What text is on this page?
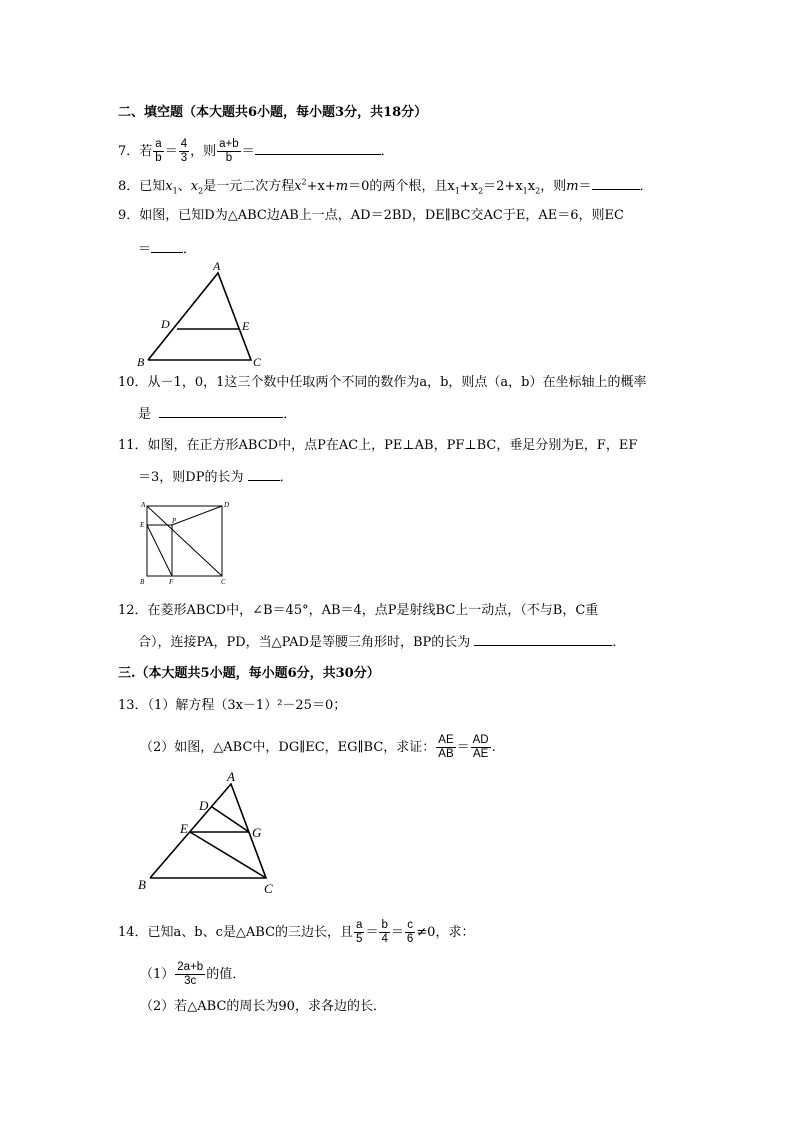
二、填空题（本大题共6小题，每小题3分，共18分）
7．若 $\frac{a}{b} = \frac{4}{3}$ ，则 $\frac{a+b}{b}$ ＝	．
8．已知$x_1$、$x_2$是一元二次方程$x^2+x+m=0$的两个根，且$x_1+x_2=2+x_1x_2$，则m＝	．
9．如图，已知D为△ABC边AB上一点，AD＝2BD，DE∥BC交AC于E，AE＝6，则EC
＝ ．
A
B	C
D	E
10．从－1，0，1这三个数中任取两个不同的数作为a，b，则点（a，b）在坐标轴上的概率
是	．
11．如图，在正方形ABCD中，点P在AC上，PE⊥AB，PF⊥BC，垂足分别为E，F，EF
＝3，则DP的长为	．
A	D
E	P
B	F	C
12．在菱形ABCD中，∠B＝45°，AB＝4，点P是射线BC上一动点，（不与B，C重
合），连接PA，PD，当△PAD是等腰三角形时，BP的长为	．
三.（本大题共5小题，每小题6分，共30分）
13．（1）解方程（3x－1）²－25＝0；
（2）如图，△ABC中，DG∥EC，EG∥BC，求证： $\frac{AE}{AB} = \frac{AD}{AE}$ .
A
D
E	G
B	C
14．已知a、b、c是△ABC的三边长，且 $\frac{a}{5} = \frac{b}{4} = \frac{c}{6} \ne 0$，求：
$(1) \frac{2a+b}{3c}$ 的值．
（2）若△ABC的周长为90，求各边的长．
